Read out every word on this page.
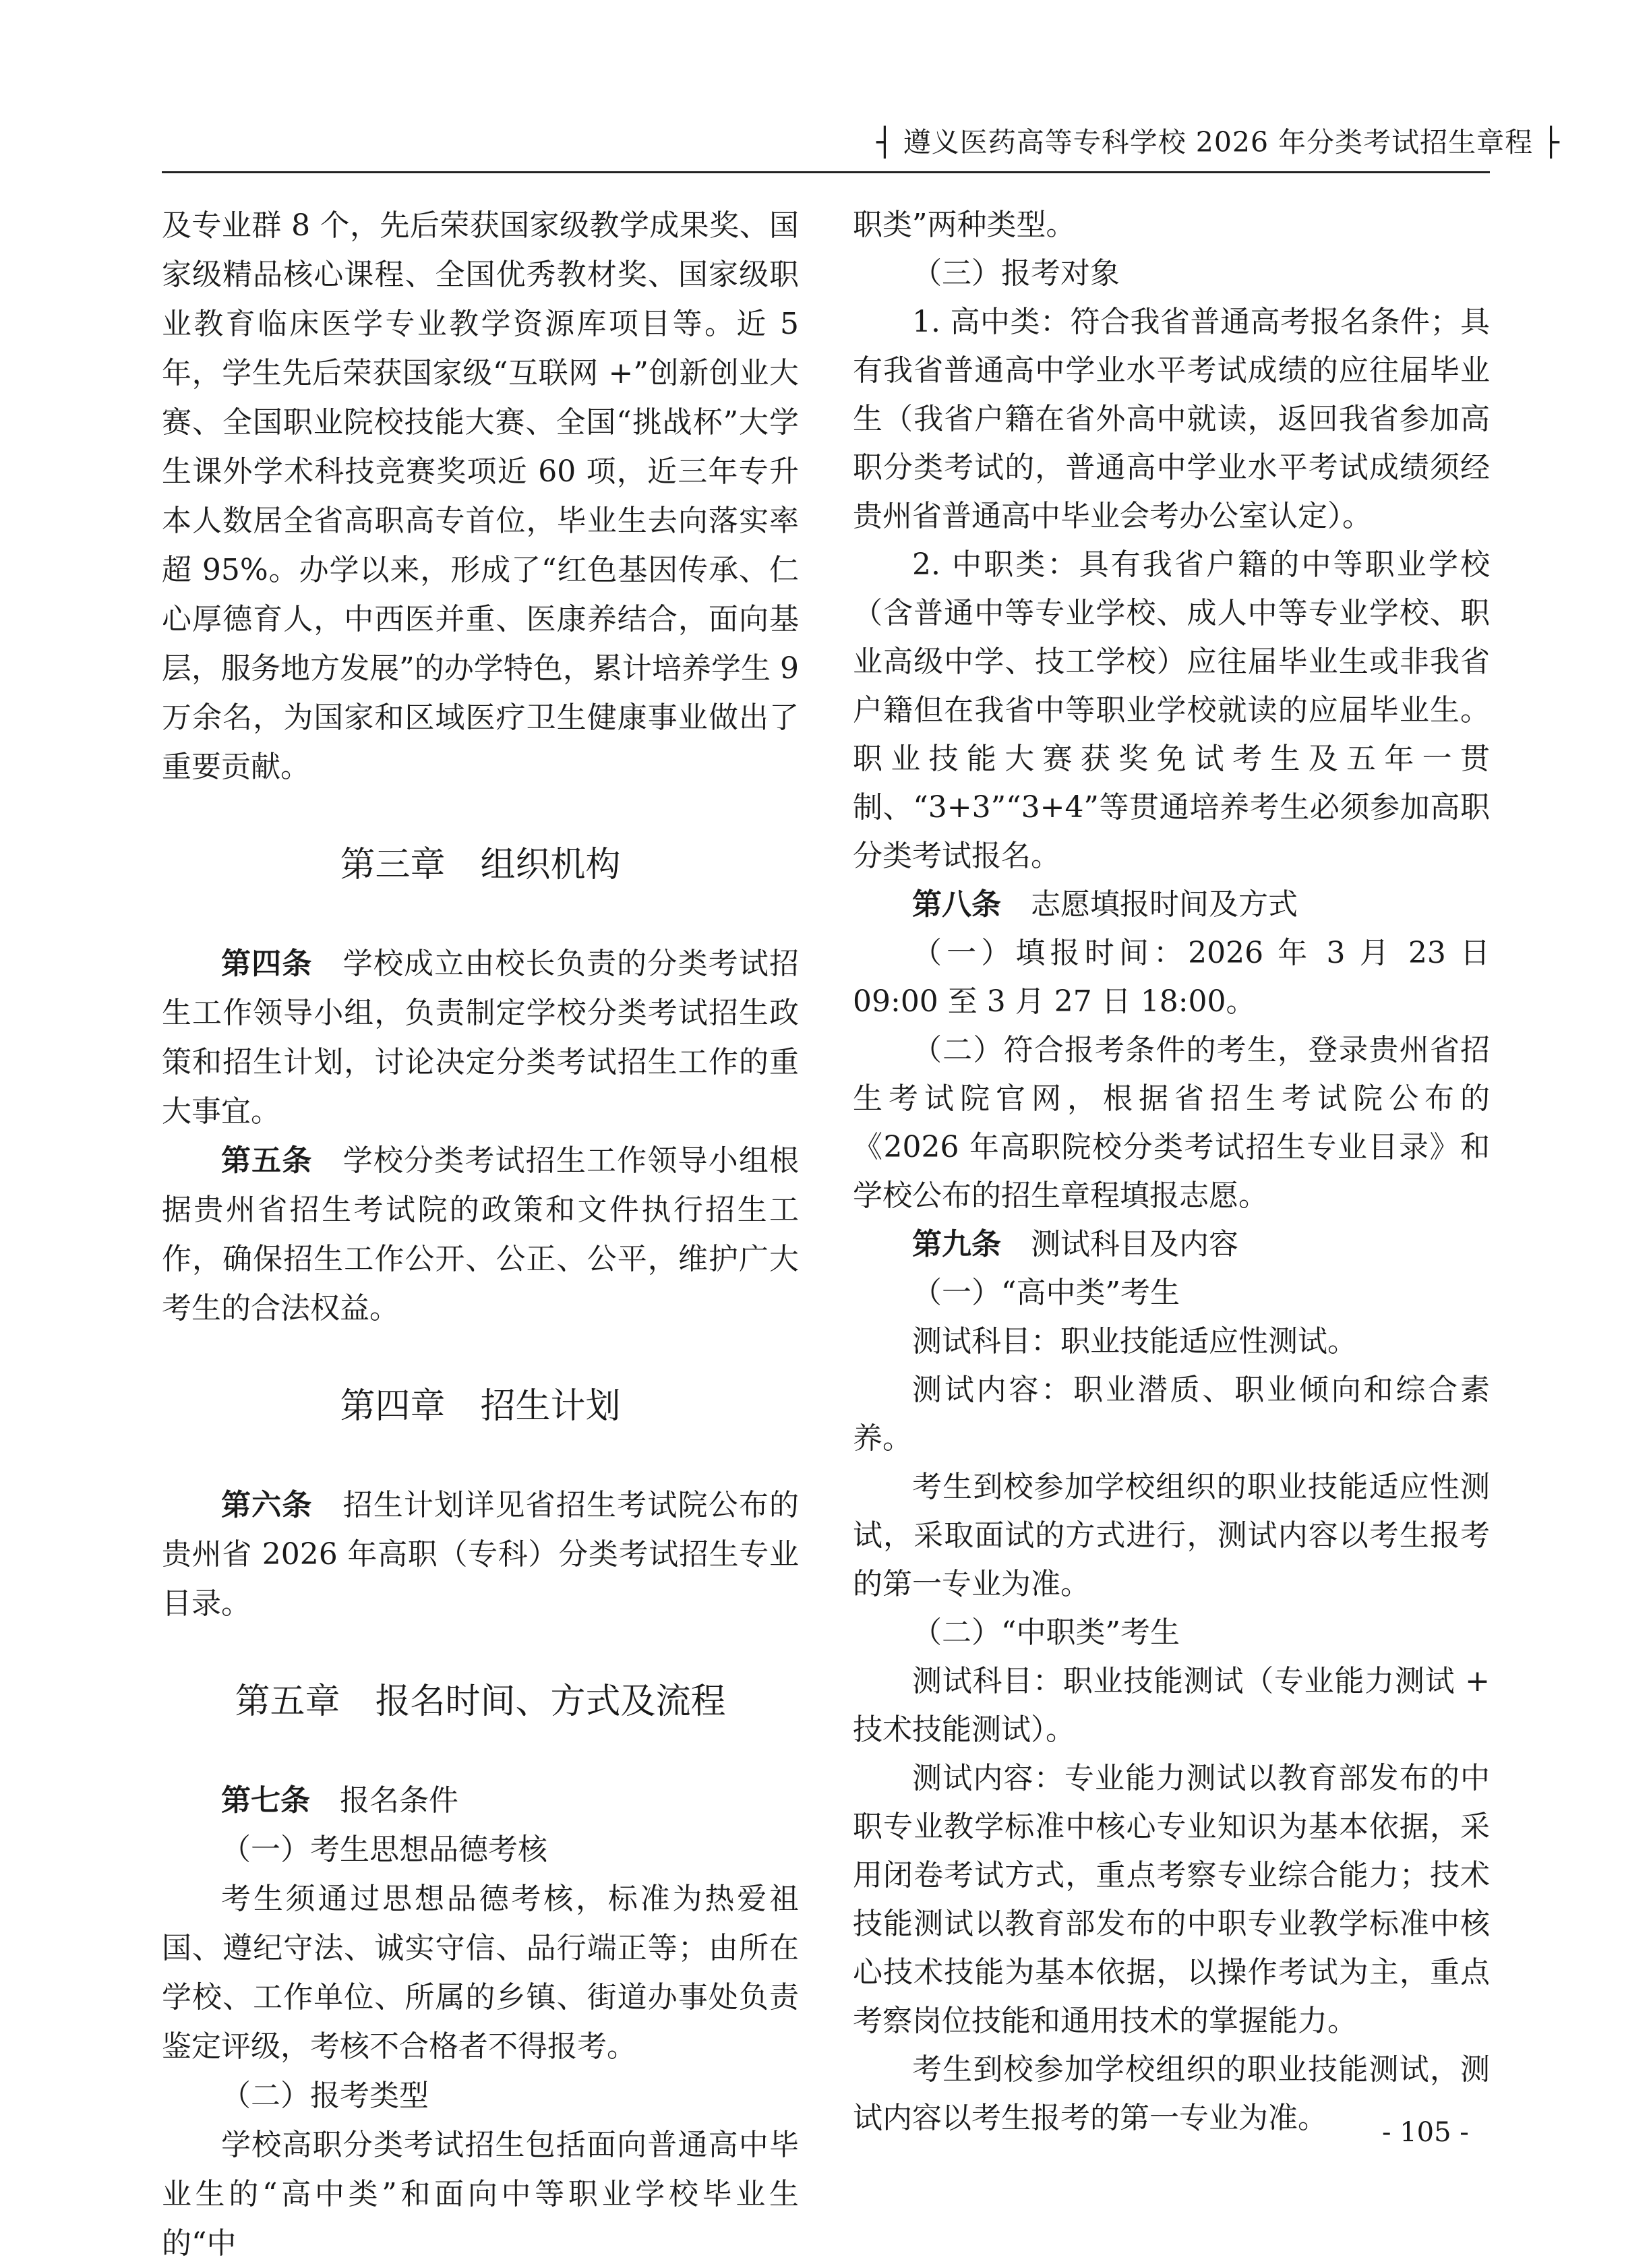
┤ 遵义医药高等专科学校 2026 年分类考试招生章程 ├

及专业群 8 个，先后荣获国家级教学成果奖、国家级精品核心课程、全国优秀教材奖、国家级职业教育临床医学专业教学资源库项目等。近 5 年，学生先后荣获国家级“互联网 +”创新创业大赛、全国职业院校技能大赛、全国“挑战杯”大学生课外学术科技竞赛奖项近 60 项，近三年专升本人数居全省高职高专首位，毕业生去向落实率超 95%。办学以来，形成了“红色基因传承、仁心厚德育人，中西医并重、医康养结合，面向基层，服务地方发展”的办学特色，累计培养学生 9 万余名，为国家和区域医疗卫生健康事业做出了重要贡献。

第三章　组织机构

第四条　学校成立由校长负责的分类考试招生工作领导小组，负责制定学校分类考试招生政策和招生计划，讨论决定分类考试招生工作的重大事宜。

第五条　学校分类考试招生工作领导小组根据贵州省招生考试院的政策和文件执行招生工作，确保招生工作公开、公正、公平，维护广大考生的合法权益。

第四章　招生计划

第六条　招生计划详见省招生考试院公布的贵州省 2026 年高职（专科）分类考试招生专业目录。

第五章　报名时间、方式及流程

第七条　报名条件

（一）考生思想品德考核

考生须通过思想品德考核，标准为热爱祖国、遵纪守法、诚实守信、品行端正等；由所在学校、工作单位、所属的乡镇、街道办事处负责鉴定评级，考核不合格者不得报考。

（二）报考类型

学校高职分类考试招生包括面向普通高中毕业生的“高中类”和面向中等职业学校毕业生的“中

职类”两种类型。

（三）报考对象

1. 高中类：符合我省普通高考报名条件；具有我省普通高中学业水平考试成绩的应往届毕业生（我省户籍在省外高中就读，返回我省参加高职分类考试的，普通高中学业水平考试成绩须经贵州省普通高中毕业会考办公室认定）。

2. 中职类：具有我省户籍的中等职业学校（含普通中等专业学校、成人中等专业学校、职业高级中学、技工学校）应往届毕业生或非我省户籍但在我省中等职业学校就读的应届毕业生。职业技能大赛获奖免试考生及五年一贯制、“3+3”“3+4”等贯通培养考生必须参加高职分类考试报名。

第八条　志愿填报时间及方式

（一）填报时间：2026 年 3 月 23 日 09:00 至 3 月 27 日 18:00。

（二）符合报考条件的考生，登录贵州省招生考试院官网，根据省招生考试院公布的《2026 年高职院校分类考试招生专业目录》和学校公布的招生章程填报志愿。

第九条　测试科目及内容

（一）“高中类”考生

测试科目：职业技能适应性测试。

测试内容：职业潜质、职业倾向和综合素养。

考生到校参加学校组织的职业技能适应性测试，采取面试的方式进行，测试内容以考生报考的第一专业为准。

（二）“中职类”考生

测试科目：职业技能测试（专业能力测试 + 技术技能测试）。

测试内容：专业能力测试以教育部发布的中职专业教学标准中核心专业知识为基本依据，采用闭卷考试方式，重点考察专业综合能力；技术技能测试以教育部发布的中职专业教学标准中核心技术技能为基本依据，以操作考试为主，重点考察岗位技能和通用技术的掌握能力。

考生到校参加学校组织的职业技能测试，测试内容以考生报考的第一专业为准。	- 105 -
